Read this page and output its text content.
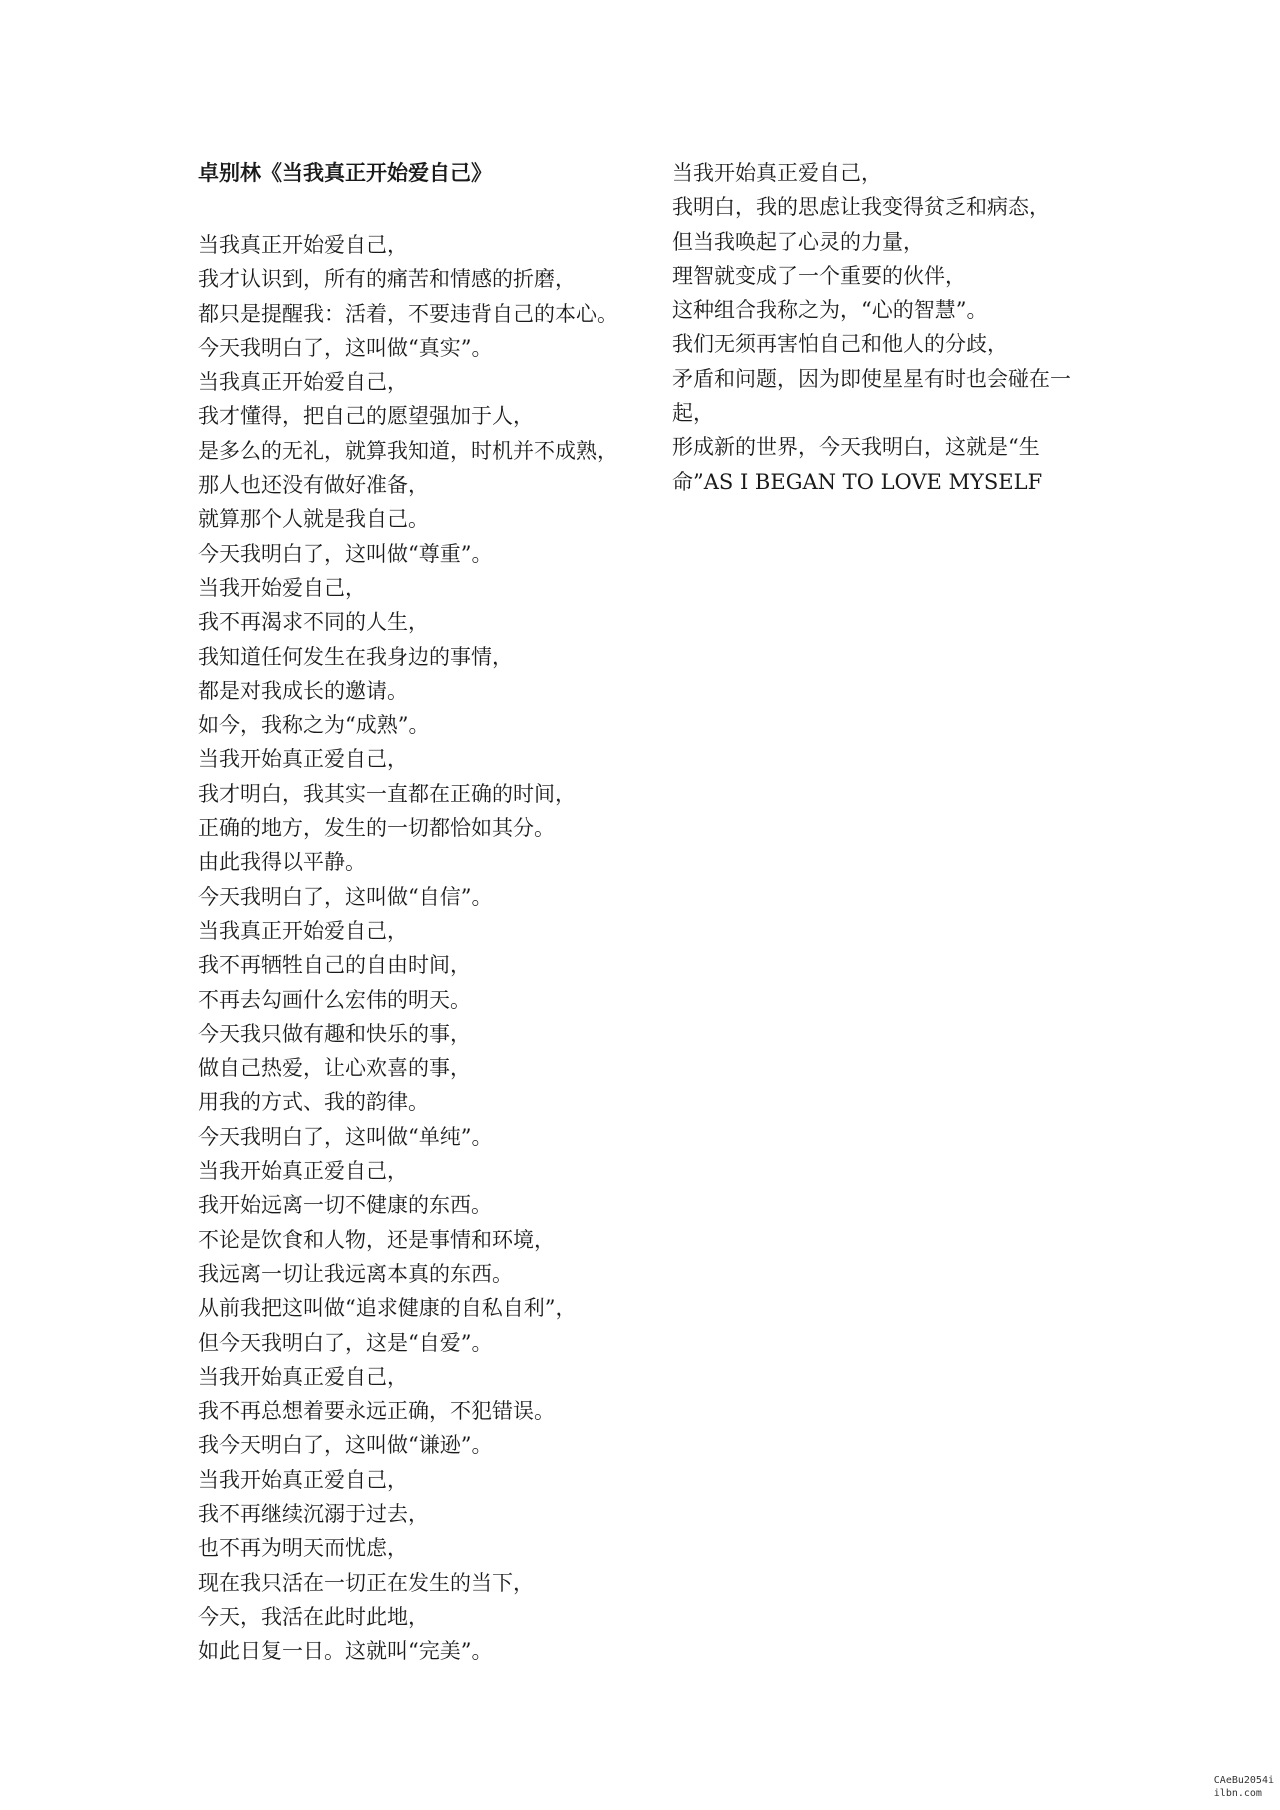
卓别林《当我真正开始爱自己》
当我真正开始爱自己，
我才认识到，所有的痛苦和情感的折磨，
都只是提醒我：活着，不要违背自己的本心。
今天我明白了，这叫做“真实”。
当我真正开始爱自己，
我才懂得，把自己的愿望强加于人，
是多么的无礼，就算我知道，时机并不成熟，
那人也还没有做好准备，
就算那个人就是我自己。
今天我明白了，这叫做“尊重”。
当我开始爱自己，
我不再渴求不同的人生，
我知道任何发生在我身边的事情，
都是对我成长的邀请。
如今，我称之为“成熟”。
当我开始真正爱自己，
我才明白，我其实一直都在正确的时间，
正确的地方，发生的一切都恰如其分。
由此我得以平静。
今天我明白了，这叫做“自信”。
当我真正开始爱自己，
我不再牺牲自己的自由时间，
不再去勾画什么宏伟的明天。
今天我只做有趣和快乐的事，
做自己热爱，让心欢喜的事，
用我的方式、我的韵律。
今天我明白了，这叫做“单纯”。
当我开始真正爱自己，
我开始远离一切不健康的东西。
不论是饮食和人物，还是事情和环境，
我远离一切让我远离本真的东西。
从前我把这叫做“追求健康的自私自利”，
但今天我明白了，这是“自爱”。
当我开始真正爱自己，
我不再总想着要永远正确，不犯错误。
我今天明白了，这叫做“谦逊”。
当我开始真正爱自己，
我不再继续沉溺于过去，
也不再为明天而忧虑，
现在我只活在一切正在发生的当下，
今天，我活在此时此地，
如此日复一日。这就叫“完美”。
当我开始真正爱自己，
我明白，我的思虑让我变得贫乏和病态，
但当我唤起了心灵的力量，
理智就变成了一个重要的伙伴，
这种组合我称之为，“心的智慧”。
我们无须再害怕自己和他人的分歧，
矛盾和问题，因为即使星星有时也会碰在一
起，
形成新的世界，今天我明白，这就是“生
命”AS I BEGAN TO LOVE MYSELF
CAeBu2054i
ilbn.com
